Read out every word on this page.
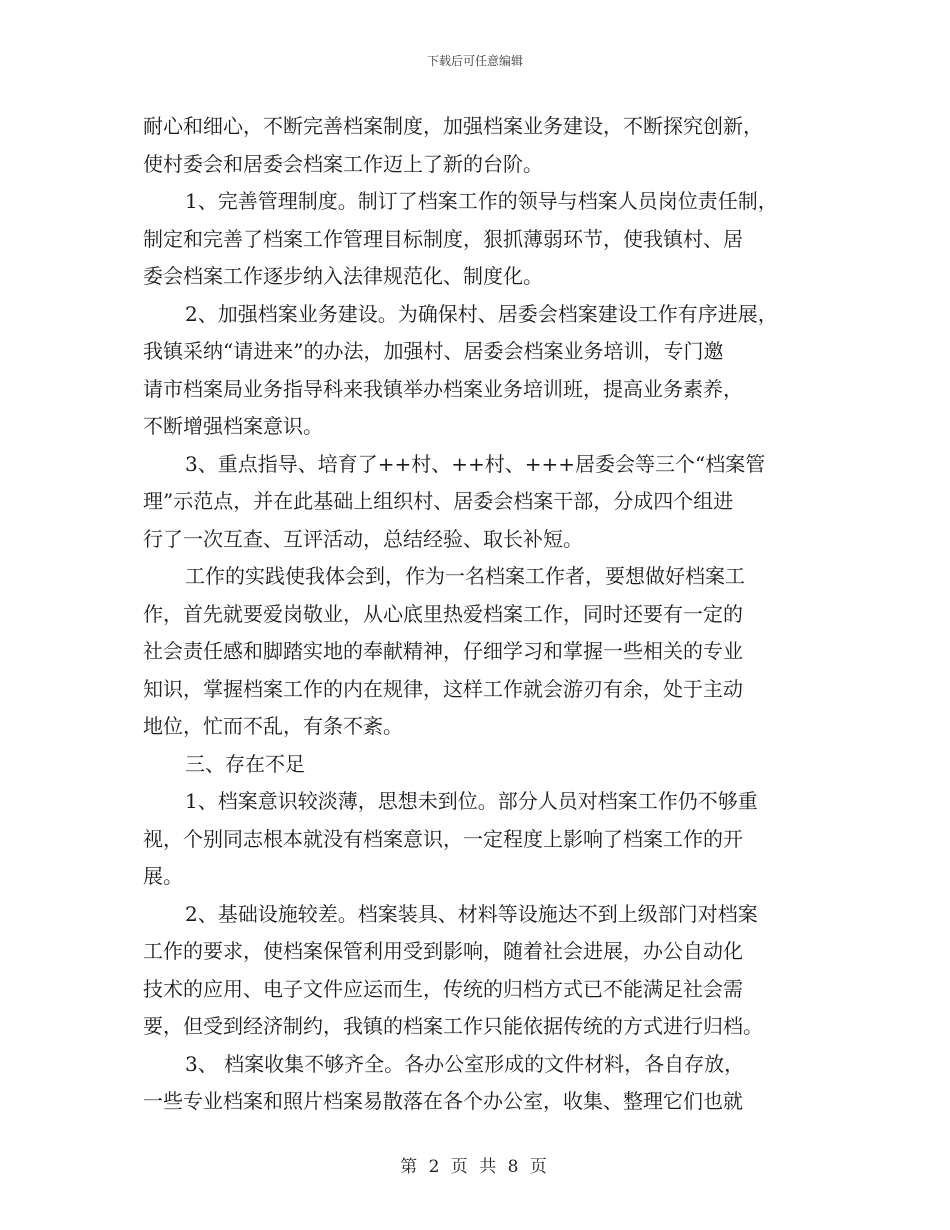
下载后可任意编辑
耐心和细心，不断完善档案制度，加强档案业务建设，不断探究创新，
使村委会和居委会档案工作迈上了新的台阶。
1、完善管理制度。制订了档案工作的领导与档案人员岗位责任制，
制定和完善了档案工作管理目标制度，狠抓薄弱环节，使我镇村、居
委会档案工作逐步纳入法律规范化、制度化。
2、加强档案业务建设。为确保村、居委会档案建设工作有序进展，
我镇采纳“请进来”的办法，加强村、居委会档案业务培训，专门邀
请市档案局业务指导科来我镇举办档案业务培训班，提高业务素养，
不断增强档案意识。
3、重点指导、培育了++村、++村、+++居委会等三个“档案管
理”示范点，并在此基础上组织村、居委会档案干部，分成四个组进
行了一次互查、互评活动，总结经验、取长补短。
工作的实践使我体会到，作为一名档案工作者，要想做好档案工
作，首先就要爱岗敬业，从心底里热爱档案工作，同时还要有一定的
社会责任感和脚踏实地的奉献精神，仔细学习和掌握一些相关的专业
知识，掌握档案工作的内在规律，这样工作就会游刃有余，处于主动
地位，忙而不乱，有条不紊。
三、存在不足
1、档案意识较淡薄，思想未到位。部分人员对档案工作仍不够重
视，个别同志根本就没有档案意识，一定程度上影响了档案工作的开
展。
2、基础设施较差。档案装具、材料等设施达不到上级部门对档案
工作的要求，使档案保管利用受到影响，随着社会进展，办公自动化
技术的应用、电子文件应运而生，传统的归档方式已不能满足社会需
要，但受到经济制约，我镇的档案工作只能依据传统的方式进行归档。
3、 档案收集不够齐全。各办公室形成的文件材料，各自存放，
一些专业档案和照片档案易散落在各个办公室，收集、整理它们也就
第 2 页 共 8 页
